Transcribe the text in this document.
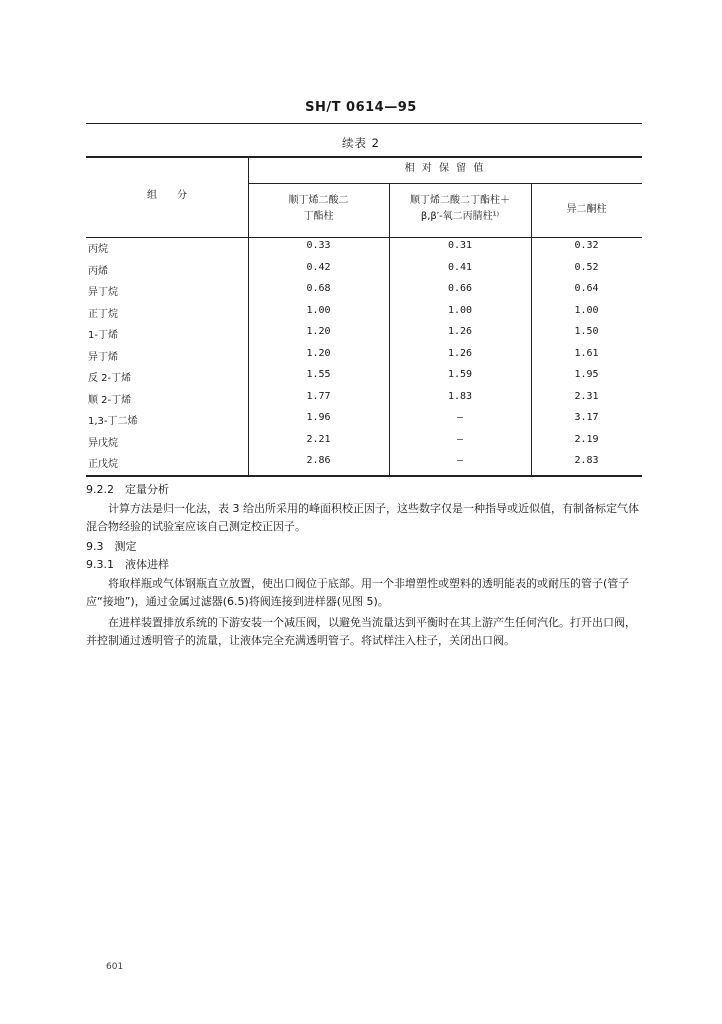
SH/T 0614—95
续表 2
组　　分
相 对 保 留 值
顺丁烯二酸二
丁酯柱
顺丁烯二酸二丁酯柱＋
β,β′-氧二丙腈柱¹⁾
异二酮柱
丙烷	0.33	0.31	0.32
丙烯	0.42	0.41	0.52
异丁烷	0.68	0.66	0.64
正丁烷	1.00	1.00	1.00
1-丁烯	1.20	1.26	1.50
异丁烯	1.20	1.26	1.61
反 2-丁烯	1.55	1.59	1.95
顺 2-丁烯	1.77	1.83	2.31
1,3-丁二烯	1.96	—	3.17
异戊烷	2.21	—	2.19
正戊烷	2.86	—	2.83
9.2.2　定量分析
计算方法是归一化法，表 3 给出所采用的峰面积校正因子，这些数字仅是一种指导或近似值，有制备标定气体混合物经验的试验室应该自己测定校正因子。
9.3　测定
9.3.1　液体进样
将取样瓶或气体钢瓶直立放置，使出口阀位于底部。用一个非增塑性或塑料的透明能表的或耐压的管子(管子应“接地”)，通过金属过滤器(6.5)将阀连接到进样器(见图 5)。
在进样装置排放系统的下游安装一个减压阀，以避免当流量达到平衡时在其上游产生任何汽化。打开出口阀，并控制通过透明管子的流量，让液体完全充满透明管子。将试样注入柱子，关闭出口阀。
601
